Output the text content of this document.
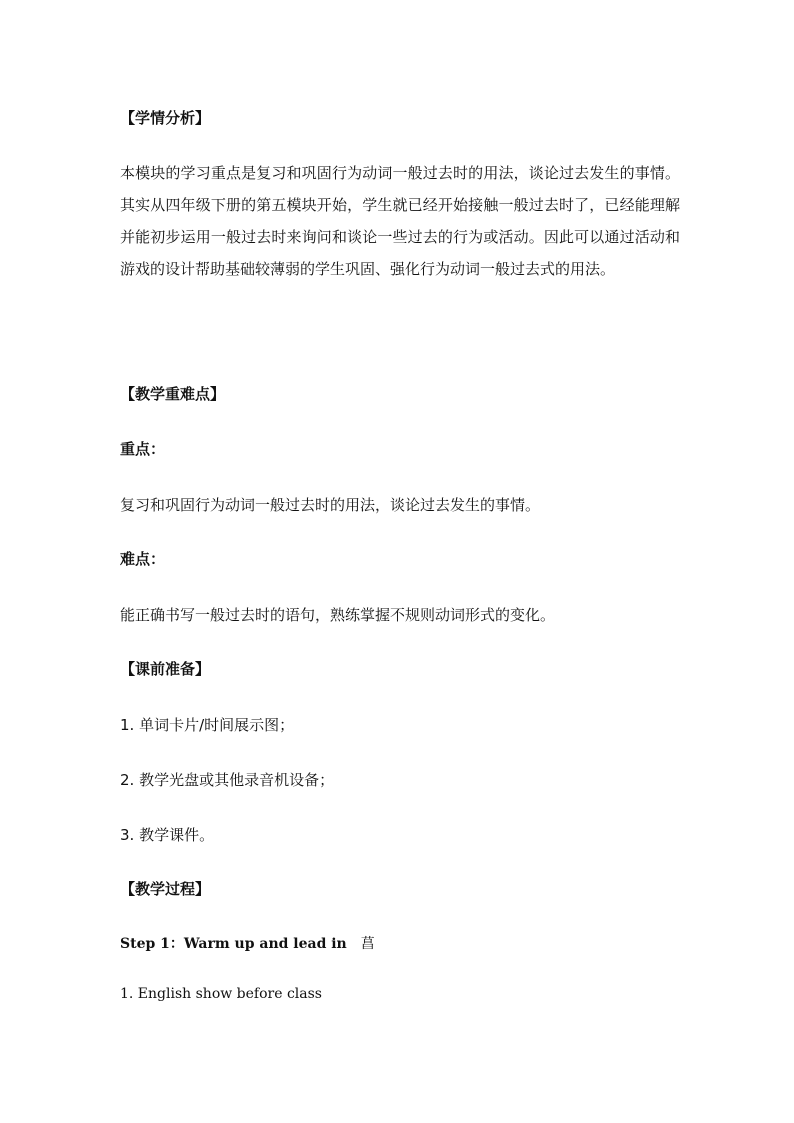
【学情分析】

本模块的学习重点是复习和巩固行为动词一般过去时的用法，谈论过去发生的事情。其实从四年级下册的第五模块开始，学生就已经开始接触一般过去时了，已经能理解并能初步运用一般过去时来询问和谈论一些过去的行为或活动。因此可以通过活动和游戏的设计帮助基础较薄弱的学生巩固、强化行为动词一般过去式的用法。

【教学重难点】

重点：

复习和巩固行为动词一般过去时的用法，谈论过去发生的事情。

难点：

能正确书写一般过去时的语句，熟练掌握不规则动词形式的变化。

【课前准备】

1. 单词卡片/时间展示图；

2. 教学光盘或其他录音机设备；

3. 教学课件。

【教学过程】

Step 1：Warm up and lead in 菖

1. English show before class
